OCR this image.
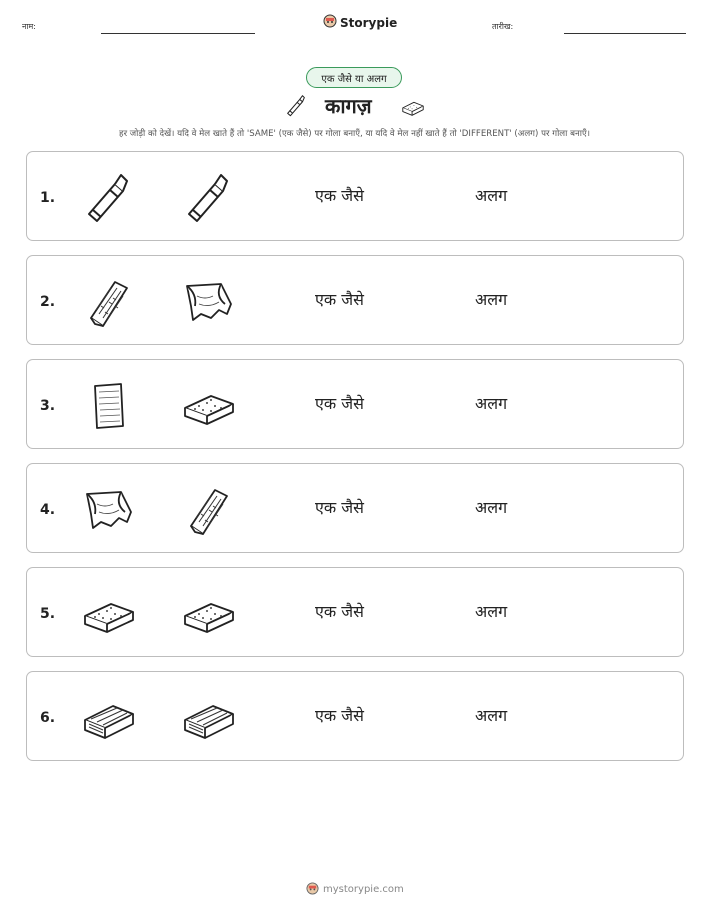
नाम:	Storypie	तारीख:
एक जैसे या अलग
कागज़
हर जोड़ी को देखें। यदि वे मेल खाते हैं तो 'SAME' (एक जैसे) पर गोला बनाएँ, या यदि वे मेल नहीं खाते हैं तो 'DIFFERENT' (अलग) पर गोला बनाएँ।
1.	एक जैसे	अलग
2.	एक जैसे	अलग
3.	एक जैसे	अलग
4.	एक जैसे	अलग
5.	एक जैसे	अलग
6.	एक जैसे	अलग
mystorypie.com
